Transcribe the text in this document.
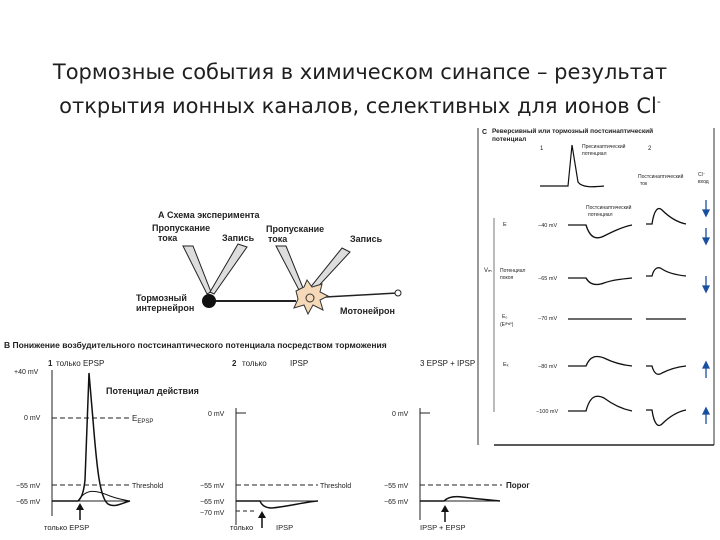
Тормозные события в химическом синапсе – результат
открытия ионных каналов, селективных для ионов Cl-
А Схема эксперимента
Пропускание
тока	Запись
Пропускание
тока	Запись
Тормозный
интернейрон	Мотонейрон
В Понижение возбудительного постсинаптического потенциала посредством торможения
1 только EPSP
Потенциал действия
+40 mV
0 mV
−55 mV
−65 mV
$E_{EPSP}$
Threshold
только EPSP
2 только	IPSP
0 mV
−55 mV
−65 mV
−70 mV
Threshold
только	IPSP
3 EPSP + IPSP
0 mV
−55 mV
−65 mV
Порог
IPSP + EPSP
C Реверсивный или тормозный постсинаптический
потенциал
1	2
Пресинаптический
потенциал
Постсинаптический
ток
Cl⁻
вход
Постсинаптический
потенциал
Vₘ
E
Потенциал
покоя
Eₒ
(Eᴵᴾˢᴾ)
Eₖ
−40 mV
−65 mV
−70 mV
−80 mV
−100 mV
